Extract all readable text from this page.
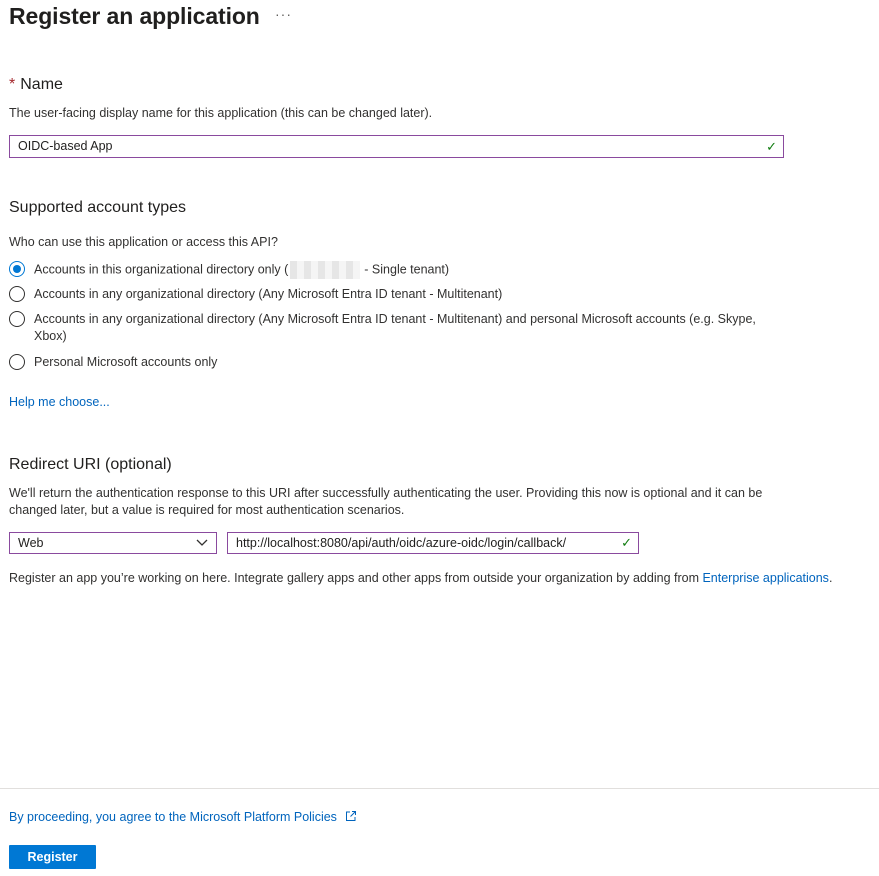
Register an application ···
* Name
The user-facing display name for this application (this can be changed later).
OIDC-based App	✓
Supported account types
Who can use this application or access this API?
Accounts in this organizational directory only (	- Single tenant)
Accounts in any organizational directory (Any Microsoft Entra ID tenant - Multitenant)
Accounts in any organizational directory (Any Microsoft Entra ID tenant - Multitenant) and personal Microsoft accounts (e.g. Skype, Xbox)
Personal Microsoft accounts only
Help me choose...
Redirect URI (optional)
We'll return the authentication response to this URI after successfully authenticating the user. Providing this now is optional and it can be changed later, but a value is required for most authentication scenarios.
Web	http://localhost:8080/api/auth/oidc/azure-oidc/login/callback/	✓
Register an app you’re working on here. Integrate gallery apps and other apps from outside your organization by adding from Enterprise applications.
By proceeding, you agree to the Microsoft Platform Policies
Register
